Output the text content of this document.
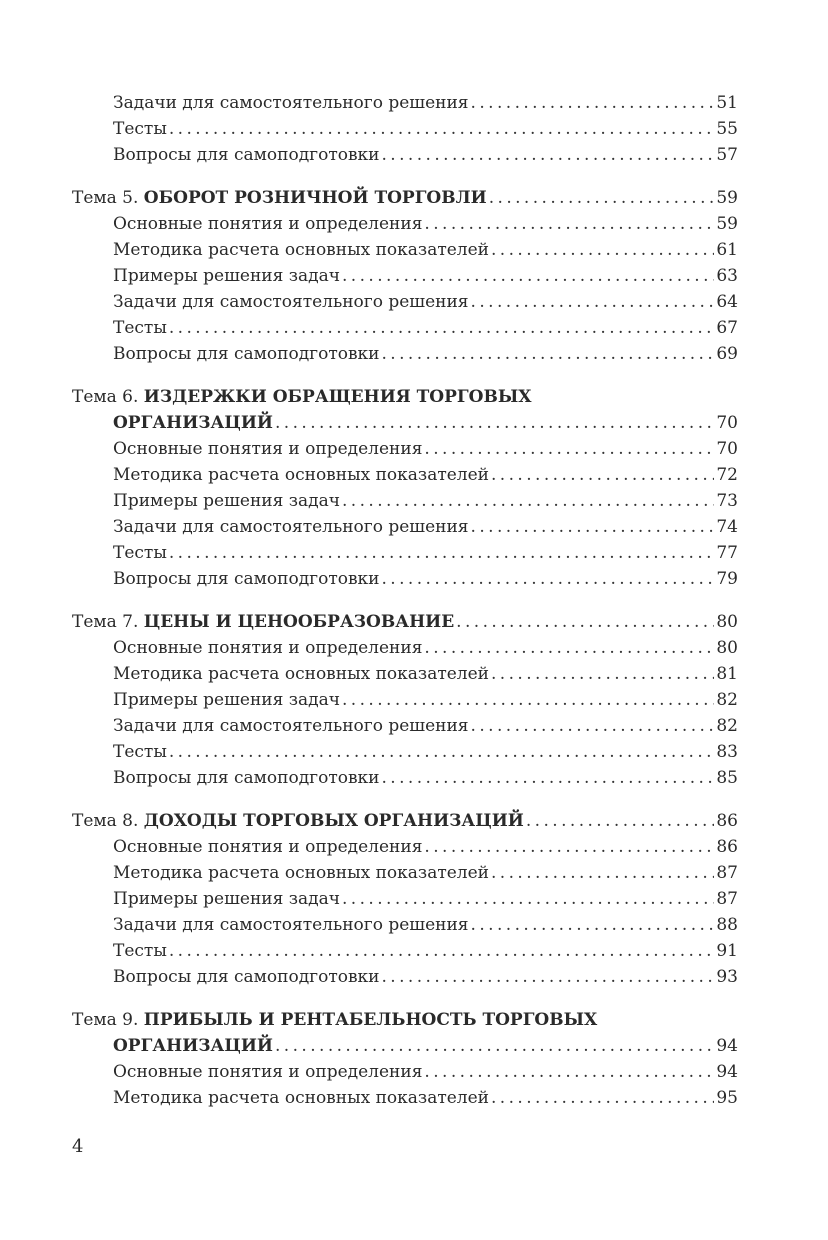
Задачи для самостоятельного решения . . .	51
Тесты . . .	55
Вопросы для самоподготовки . . .	57
Тема 5. ОБОРОТ РОЗНИЧНОЙ ТОРГОВЛИ . . .	59
Основные понятия и определения . . .	59
Методика расчета основных показателей . . .	61
Примеры решения задач . . .	63
Задачи для самостоятельного решения . . .	64
Тесты . . .	67
Вопросы для самоподготовки . . .	69
Тема 6. ИЗДЕРЖКИ ОБРАЩЕНИЯ ТОРГОВЫХ
ОРГАНИЗАЦИЙ . . .	70
Основные понятия и определения . . .	70
Методика расчета основных показателей . . .	72
Примеры решения задач . . .	73
Задачи для самостоятельного решения . . .	74
Тесты . . .	77
Вопросы для самоподготовки . . .	79
Тема 7. ЦЕНЫ И ЦЕНООБРАЗОВАНИЕ . . .	80
Основные понятия и определения . . .	80
Методика расчета основных показателей . . .	81
Примеры решения задач . . .	82
Задачи для самостоятельного решения . . .	82
Тесты . . .	83
Вопросы для самоподготовки . . .	85
Тема 8. ДОХОДЫ ТОРГОВЫХ ОРГАНИЗАЦИЙ . . .	86
Основные понятия и определения . . .	86
Методика расчета основных показателей . . .	87
Примеры решения задач . . .	87
Задачи для самостоятельного решения . . .	88
Тесты . . .	91
Вопросы для самоподготовки . . .	93
Тема 9. ПРИБЫЛЬ И РЕНТАБЕЛЬНОСТЬ ТОРГОВЫХ
ОРГАНИЗАЦИЙ . . .	94
Основные понятия и определения . . .	94
Методика расчета основных показателей . . .	95
4
